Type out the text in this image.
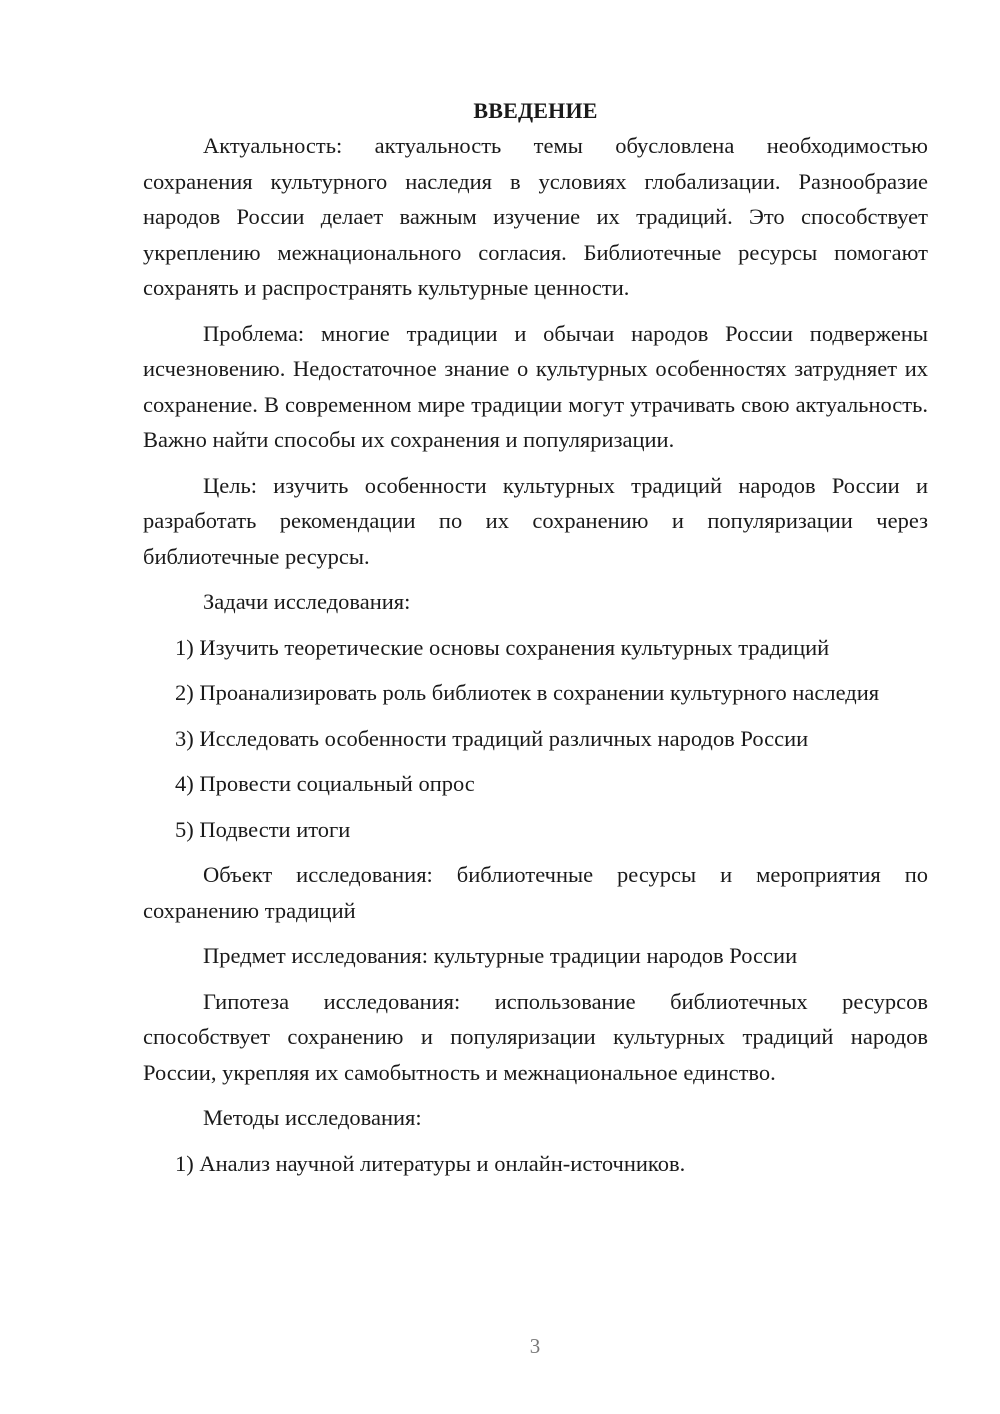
ВВЕДЕНИЕ

Актуальность: актуальность темы обусловлена необходимостью сохранения культурного наследия в условиях глобализации. Разнообразие народов России делает важным изучение их традиций. Это способствует укреплению межнационального согласия. Библиотечные ресурсы помогают сохранять и распространять культурные ценности.

Проблема: многие традиции и обычаи народов России подвержены исчезновению. Недостаточное знание о культурных особенностях затрудняет их сохранение. В современном мире традиции могут утрачивать свою актуальность. Важно найти способы их сохранения и популяризации.

Цель: изучить особенности культурных традиций народов России и разработать рекомендации по их сохранению и популяризации через библиотечные ресурсы.

Задачи исследования:

1) Изучить теоретические основы сохранения культурных традиций

2) Проанализировать роль библиотек в сохранении культурного наследия

3) Исследовать особенности традиций различных народов России

4) Провести социальный опрос

5) Подвести итоги

Объект исследования: библиотечные ресурсы и мероприятия по сохранению традиций

Предмет исследования: культурные традиции народов России

Гипотеза исследования: использование библиотечных ресурсов способствует сохранению и популяризации культурных традиций народов России, укрепляя их самобытность и межнациональное единство.

Методы исследования:

1) Анализ научной литературы и онлайн-источников.

3
